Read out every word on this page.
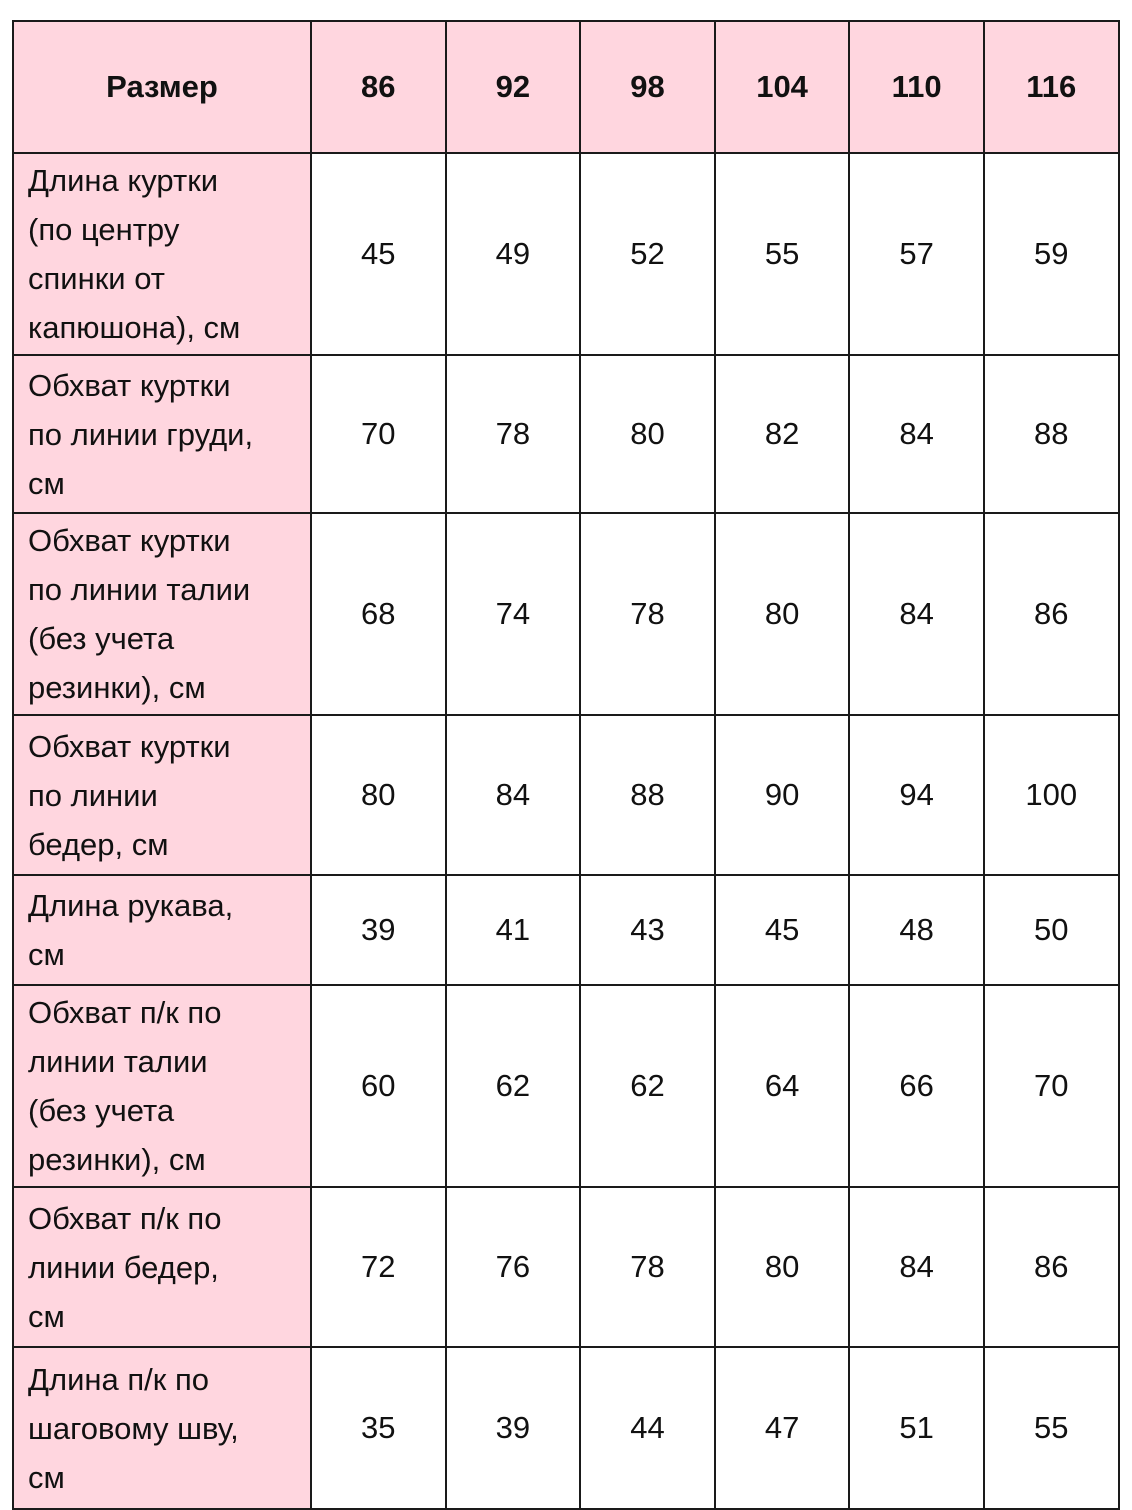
Размер	86	92	98	104	110	116
Длина куртки
(по центру
спинки от
капюшона), см	45	49	52	55	57	59
Обхват куртки
по линии груди,
см	70	78	80	82	84	88
Обхват куртки
по линии талии
(без учета
резинки), см	68	74	78	80	84	86
Обхват куртки
по линии
бедер, см	80	84	88	90	94	100
Длина рукава,
см	39	41	43	45	48	50
Обхват п/к по
линии талии
(без учета
резинки), см	60	62	62	64	66	70
Обхват п/к по
линии бедер,
см	72	76	78	80	84	86
Длина п/к по
шаговому шву,
см	35	39	44	47	51	55
